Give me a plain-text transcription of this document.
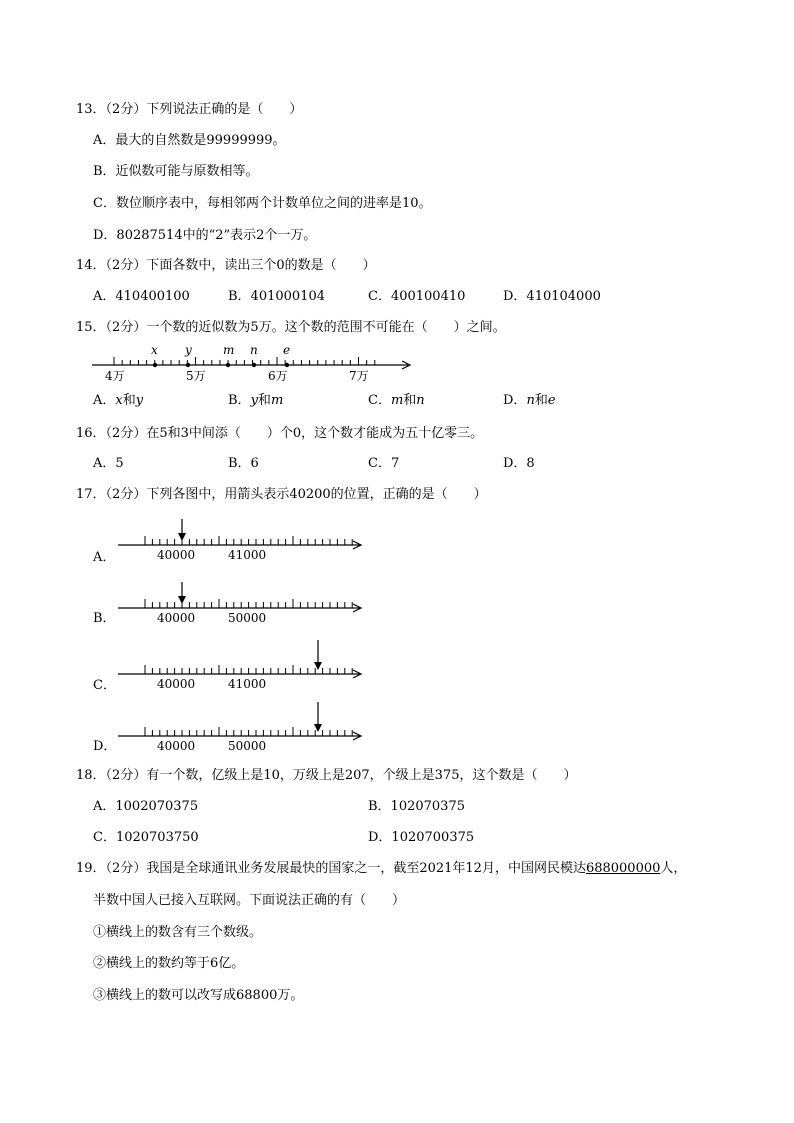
13．（2分）下列说法正确的是（　　）
A．最大的自然数是99999999。
B．近似数可能与原数相等。
C．数位顺序表中，每相邻两个计数单位之间的进率是10。
D．80287514中的“2”表示2个一万。
14．（2分）下面各数中，读出三个0的数是（　　）
A．410400100	B．401000104	C．400100410	D．410104000
15．（2分）一个数的近似数为5万。这个数的范围不可能在（　　）之间。
x y	m n e
4万	5万	6万	7万
A．x和y	B．y和m	C．m和n	D．n和e
16．（2分）在5和3中间添（　　）个0，这个数才能成为五十亿零三。
A．5	B．6	C．7	D．8
17．（2分）下列各图中，用箭头表示40200的位置，正确的是（　　）
A．	40000	41000
B．	40000	50000
C．	40000	41000
D．	40000	50000
18．（2分）有一个数，亿级上是10，万级上是207，个级上是375，这个数是（　　）
A．1002070375	B．102070375
C．1020703750	D．1020700375
19．（2分）我国是全球通讯业务发展最快的国家之一，截至2021年12月，中国网民模达688000000人，
半数中国人已接入互联网。下面说法正确的有（　　）
①横线上的数含有三个数级。
②横线上的数约等于6亿。
③横线上的数可以改写成68800万。
